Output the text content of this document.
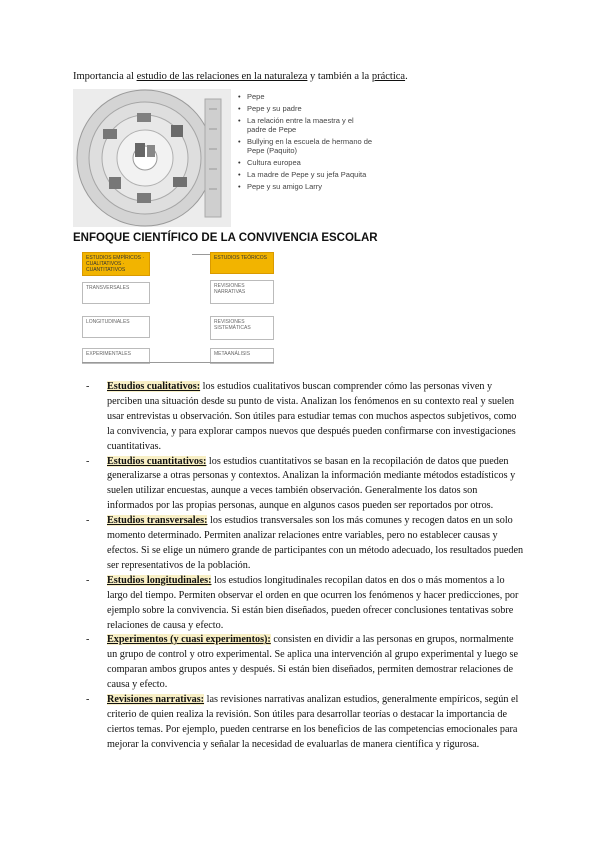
Importancia al estudio de las relaciones en la naturaleza y también a la práctica.
• Pepe
• Pepe y su padre
• La relación entre la maestra y el padre de Pepe
• Bullying en la escuela de hermano de Pepe (Paquito)
• Cultura europea
• La madre de Pepe y su jefa Paquita
• Pepe y su amigo Larry
ENFOQUE CIENTÍFICO DE LA CONVIVENCIA ESCOLAR
ESTUDIOS EMPÍRICOS · CUALITATIVOS · CUANTITATIVOS
TRANSVERSALES
LONGITUDINALES
EXPERIMENTALES
ESTUDIOS TEÓRICOS
REVISIONES NARRATIVAS
REVISIONES SISTEMÁTICAS
METAANÁLISIS
- Estudios cualitativos: los estudios cualitativos buscan comprender cómo las personas viven y perciben una situación desde su punto de vista. Analizan los fenómenos en su contexto real y suelen usar entrevistas u observación. Son útiles para estudiar temas con muchos aspectos subjetivos, como la convivencia, y para explorar campos nuevos que después pueden confirmarse con investigaciones cuantitativas.
- Estudios cuantitativos: los estudios cuantitativos se basan en la recopilación de datos que pueden generalizarse a otras personas y contextos. Analizan la información mediante métodos estadísticos y suelen utilizar encuestas, aunque a veces también observación. Generalmente los datos son informados por las propias personas, aunque en algunos casos pueden ser reportados por otros.
- Estudios transversales: los estudios transversales son los más comunes y recogen datos en un solo momento determinado. Permiten analizar relaciones entre variables, pero no establecer causas y efectos. Si se elige un número grande de participantes con un método adecuado, los resultados pueden ser representativos de la población.
- Estudios longitudinales: los estudios longitudinales recopilan datos en dos o más momentos a lo largo del tiempo. Permiten observar el orden en que ocurren los fenómenos y hacer predicciones, por ejemplo sobre la convivencia. Si están bien diseñados, pueden ofrecer conclusiones tentativas sobre relaciones de causa y efecto.
- Experimentos (y cuasi experimentos): consisten en dividir a las personas en grupos, normalmente un grupo de control y otro experimental. Se aplica una intervención al grupo experimental y luego se comparan ambos grupos antes y después. Si están bien diseñados, permiten demostrar relaciones de causa y efecto.
- Revisiones narrativas: las revisiones narrativas analizan estudios, generalmente empíricos, según el criterio de quien realiza la revisión. Son útiles para desarrollar teorías o destacar la importancia de ciertos temas. Por ejemplo, pueden centrarse en los beneficios de las competencias emocionales para mejorar la convivencia y señalar la necesidad de evaluarlas de manera científica y rigurosa.
